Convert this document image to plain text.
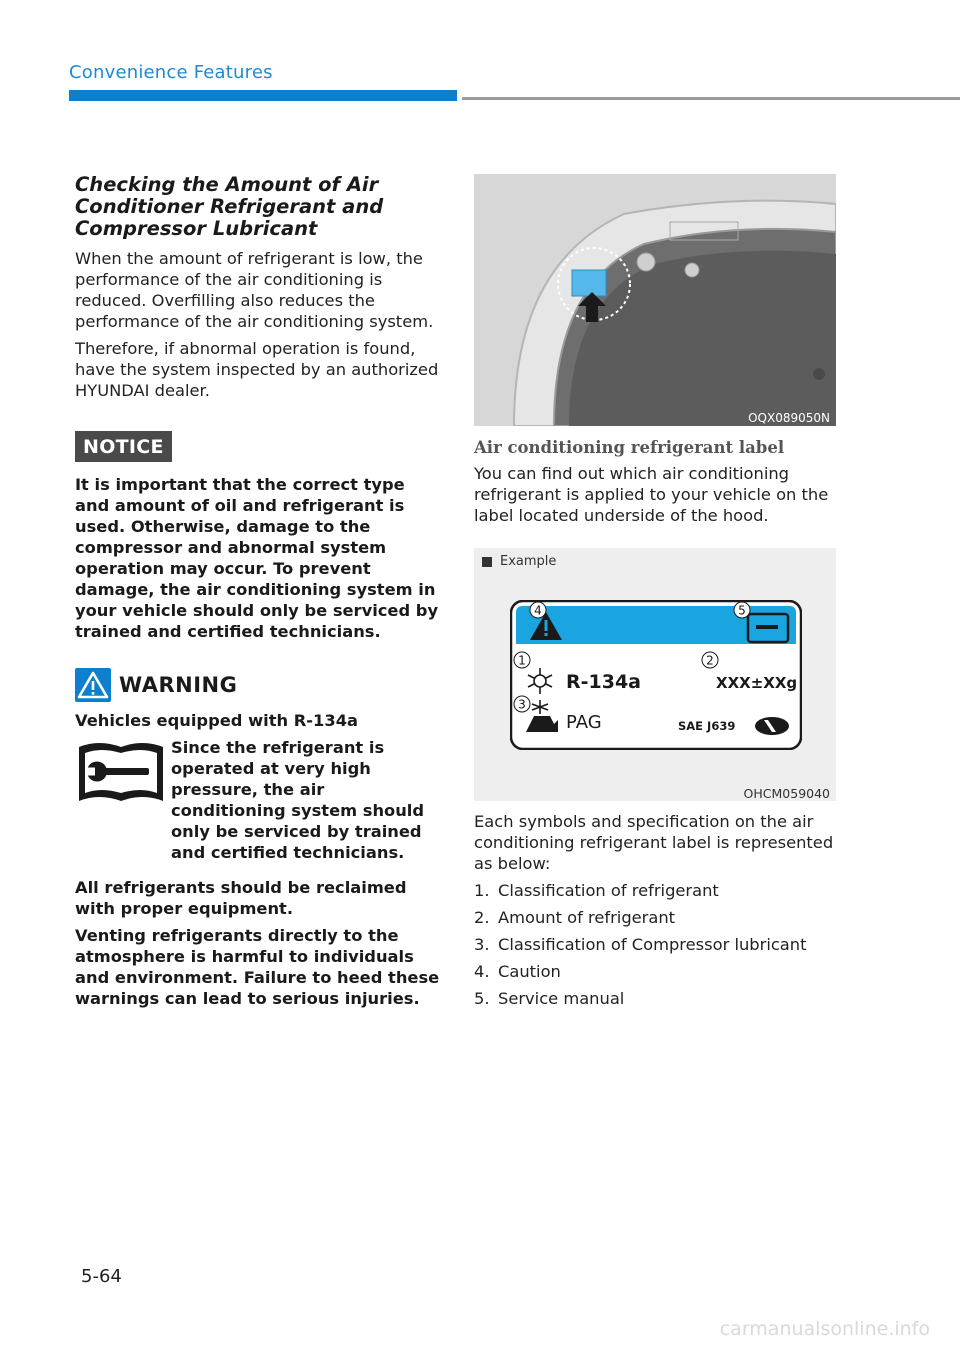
Convenience Features
Checking the Amount of Air Conditioner Refrigerant and Compressor Lubricant

When the amount of refrigerant is low, the performance of the air conditioning is reduced. Overfilling also reduces the performance of the air conditioning system.

Therefore, if abnormal operation is found, have the system inspected by an authorized HYUNDAI dealer.

NOTICE

It is important that the correct type and amount of oil and refrigerant is used. Otherwise, damage to the compressor and abnormal system operation may occur. To prevent damage, the air conditioning system in your vehicle should only be serviced by trained and certified technicians.

WARNING

Vehicles equipped with R-134a

Since the refrigerant is operated at very high pressure, the air conditioning system should only be serviced by trained and certified technicians.

All refrigerants should be reclaimed with proper equipment.

Venting refrigerants directly to the atmosphere is harmful to individuals and environment. Failure to heed these warnings can lead to serious injuries.

OQX089050N
Air conditioning refrigerant label

You can find out which air conditioning refrigerant is applied to your vehicle on the label located underside of the hood.

Example
4	5
1	2
3
R-134a	XXX±XXg
PAG	SAE J639
OHCM059040

Each symbols and specification on the air conditioning refrigerant label is represented as below:

1. Classification of refrigerant
2. Amount of refrigerant
3. Classification of Compressor lubricant
4. Caution
5. Service manual
5-64
carmanualsonline.info
